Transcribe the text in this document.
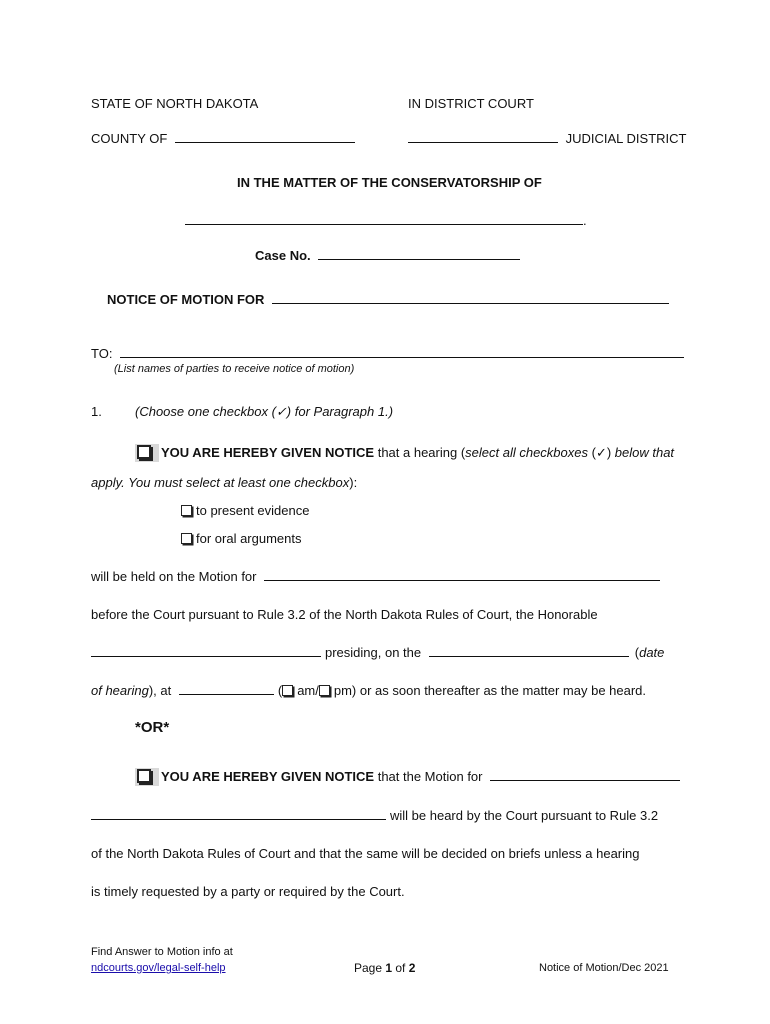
STATE OF NORTH DAKOTA	IN DISTRICT COURT
COUNTY OF	JUDICIAL DISTRICT
IN THE MATTER OF THE CONSERVATORSHIP OF
.
Case No.
NOTICE OF MOTION FOR
TO:
(List names of parties to receive notice of motion)
1.	(Choose one checkbox (✓) for Paragraph 1.)
YOU ARE HEREBY GIVEN NOTICE that a hearing (select all checkboxes (✓) below that
apply. You must select at least one checkbox):
to present evidence
for oral arguments
will be held on the Motion for
before the Court pursuant to Rule 3.2 of the North Dakota Rules of Court, the Honorable
presiding, on the	(date
of hearing), at	( am/ pm) or as soon thereafter as the matter may be heard.
*OR*
YOU ARE HEREBY GIVEN NOTICE that the Motion for
will be heard by the Court pursuant to Rule 3.2
of the North Dakota Rules of Court and that the same will be decided on briefs unless a hearing
is timely requested by a party or required by the Court.
Find Answer to Motion info at
ndcourts.gov/legal-self-help	Page 1 of 2	Notice of Motion/Dec 2021
